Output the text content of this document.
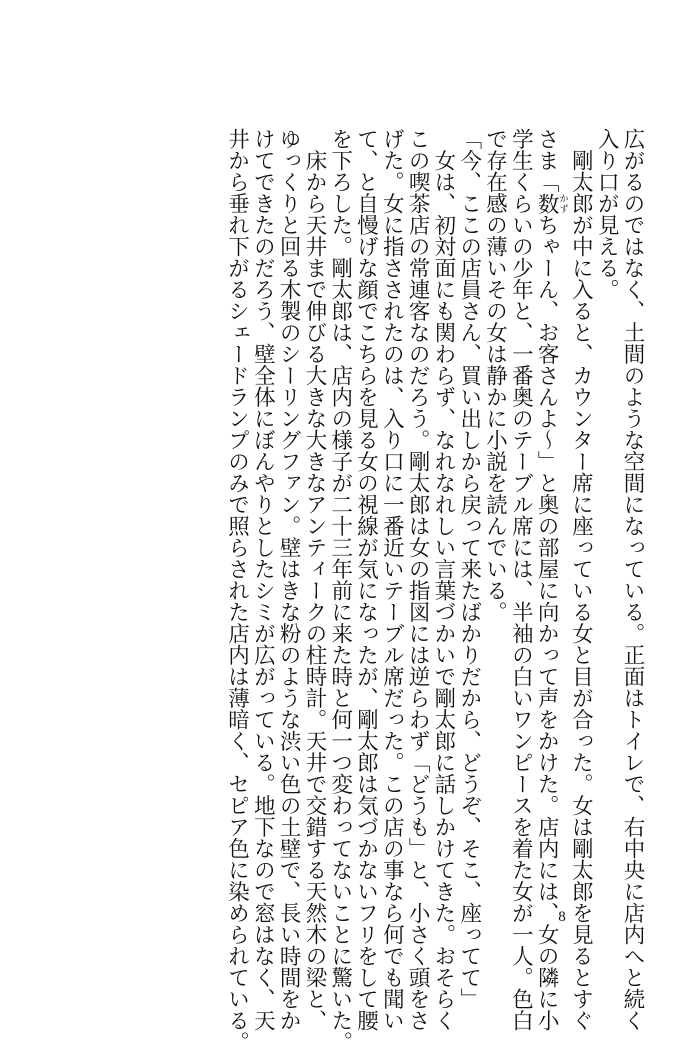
広がるのではなく、土間のような空間になっている。正面はトイレで、右中央に店内へと続く

入り口が見える。

　剛太郎が中に入ると、カウンター席に座っている女と目が合った。女は剛太郎を見るとすぐ

さま「数かずちゃーん、お客さんよ〜」と奥の部屋に向かって声をかけた。店内には、女の隣に小

学生くらいの少年と、一番奥のテーブル席には、半袖の白いワンピースを着た女が一人。色白

で存在感の薄いその女は静かに小説を読んでいる。

「今、ここの店員さん、買い出しから戻って来たばかりだから、どうぞ、そこ、座ってて」

　女は、初対面にも関わらず、なれなれしい言葉づかいで剛太郎に話しかけてきた。おそらく

この喫茶店の常連客なのだろう。剛太郎は女の指図には逆らわず「どうも」と、小さく頭をさ

げた。女に指さされたのは、入り口に一番近いテーブル席だった。この店の事なら何でも聞い

て、と自慢げな顔でこちらを見る女の視線が気になったが、剛太郎は気づかないフリをして腰

を下ろした。剛太郎は、店内の様子が二十三年前に来た時と何一つ変わってないことに驚いた。

　床から天井まで伸びる大きな大きなアンティークの柱時計。天井で交錯する天然木の梁と、

ゆっくりと回る木製のシーリングファン。壁はきな粉のような渋い色の土壁で、長い時間をか

けてできたのだろう、壁全体にぼんやりとしたシミが広がっている。地下なので窓はなく、天

井から垂れ下がるシェードランプのみで照らされた店内は薄暗く、セピア色に染められている。	8
